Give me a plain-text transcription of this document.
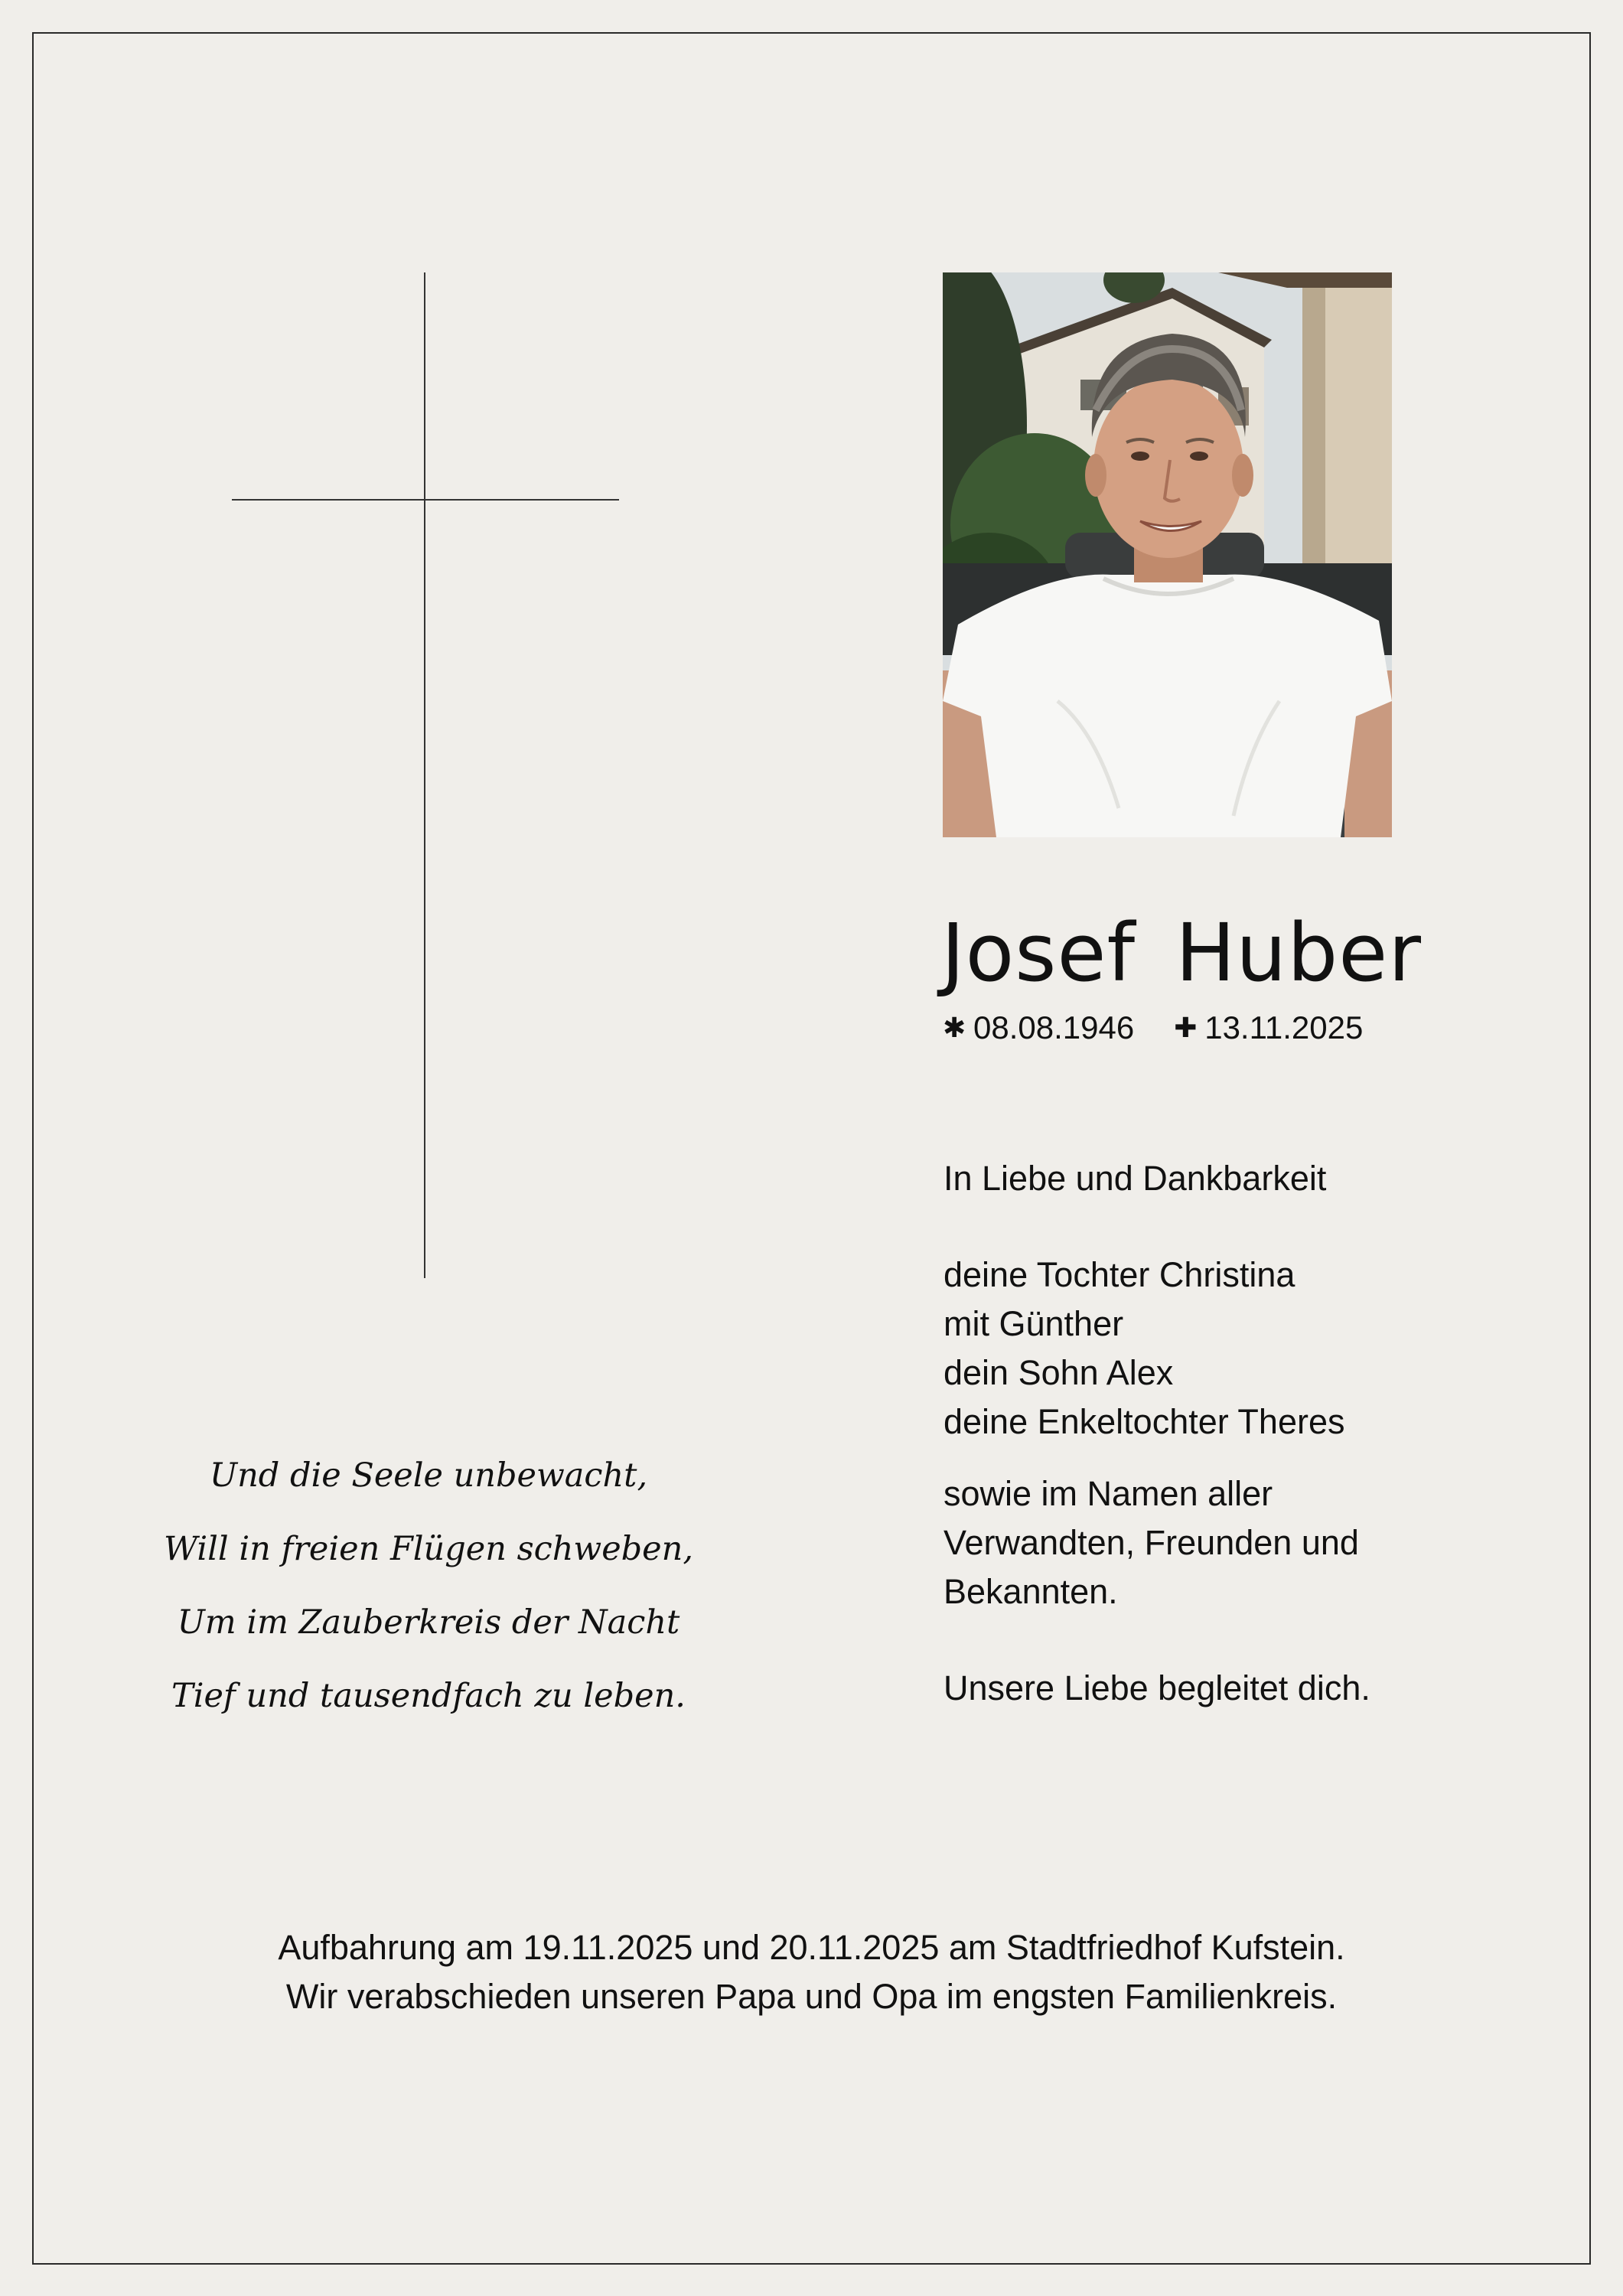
Josef Huber
✱ 08.08.1946 ✚ 13.11.2025
In Liebe und Dankbarkeit
deine Tochter Christina
mit Günther
dein Sohn Alex
deine Enkeltochter Theres
sowie im Namen aller
Verwandten, Freunden und
Bekannten.
Unsere Liebe begleitet dich.
Und die Seele unbewacht,
Will in freien Flügen schweben,
Um im Zauberkreis der Nacht
Tief und tausendfach zu leben.
Aufbahrung am 19.11.2025 und 20.11.2025 am Stadtfriedhof Kufstein.
Wir verabschieden unseren Papa und Opa im engsten Familienkreis.
